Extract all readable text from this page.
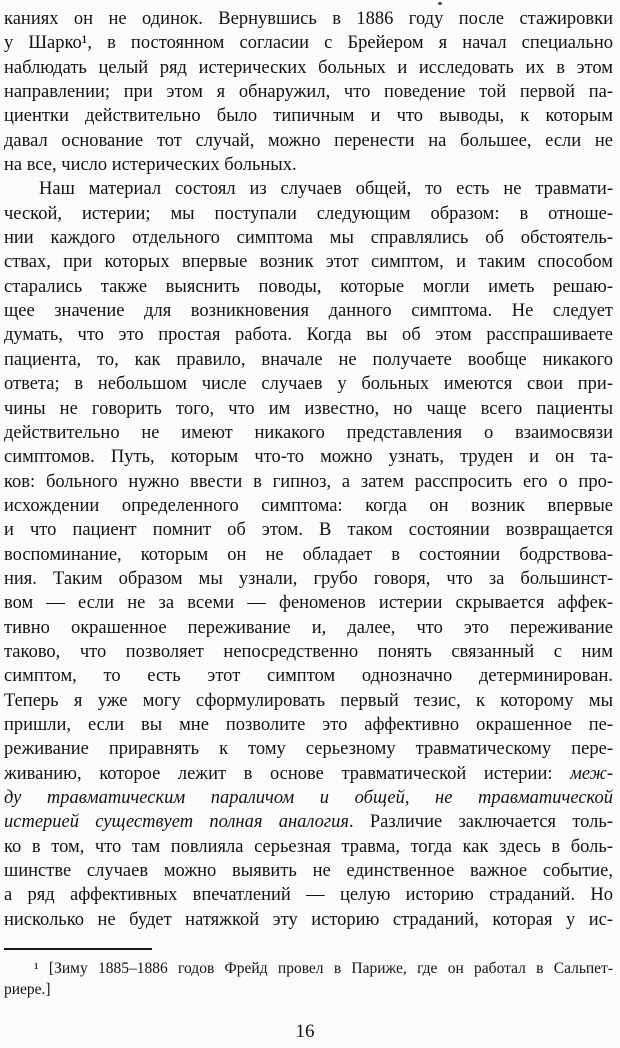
каниях он не одинок. Вернувшись в 1886 году после стажировки
у Шарко¹, в постоянном согласии с Брейером я начал специально
наблюдать целый ряд истерических больных и исследовать их в этом
направлении; при этом я обнаружил, что поведение той первой па-
циентки действительно было типичным и что выводы, к которым
давал основание тот случай, можно перенести на большее, если не
на все, число истерических больных.
Наш материал состоял из случаев общей, то есть не травмати-
ческой, истерии; мы поступали следующим образом: в отноше-
нии каждого отдельного симптома мы справлялись об обстоятель-
ствах, при которых впервые возник этот симптом, и таким способом
старались также выяснить поводы, которые могли иметь решаю-
щее значение для возникновения данного симптома. Не следует
думать, что это простая работа. Когда вы об этом расспрашиваете
пациента, то, как правило, вначале не получаете вообще никакого
ответа; в небольшом числе случаев у больных имеются свои при-
чины не говорить того, что им известно, но чаще всего пациенты
действительно не имеют никакого представления о взаимосвязи
симптомов. Путь, которым что-то можно узнать, труден и он та-
ков: больного нужно ввести в гипноз, а затем расспросить его о про-
исхождении определенного симптома: когда он возник впервые
и что пациент помнит об этом. В таком состоянии возвращается
воспоминание, которым он не обладает в состоянии бодрствова-
ния. Таким образом мы узнали, грубо говоря, что за большинст-
вом — если не за всеми — феноменов истерии скрывается аффек-
тивно окрашенное переживание и, далее, что это переживание
таково, что позволяет непосредственно понять связанный с ним
симптом, то есть этот симптом однозначно детерминирован.
Теперь я уже могу сформулировать первый тезис, к которому мы
пришли, если вы мне позволите это аффективно окрашенное пе-
реживание приравнять к тому серьезному травматическому пере-
живанию, которое лежит в основе травматической истерии: меж-
ду травматическим параличом и общей, не травматической
истерией существует полная аналогия. Различие заключается толь-
ко в том, что там повлияла серьезная травма, тогда как здесь в боль-
шинстве случаев можно выявить не единственное важное событие,
а ряд аффективных впечатлений — целую историю страданий. Но
нисколько не будет натяжкой эту историю страданий, которая у ис-
¹ [Зиму 1885–1886 годов Фрейд провел в Париже, где он работал в Сальпет-
риере.]
16
